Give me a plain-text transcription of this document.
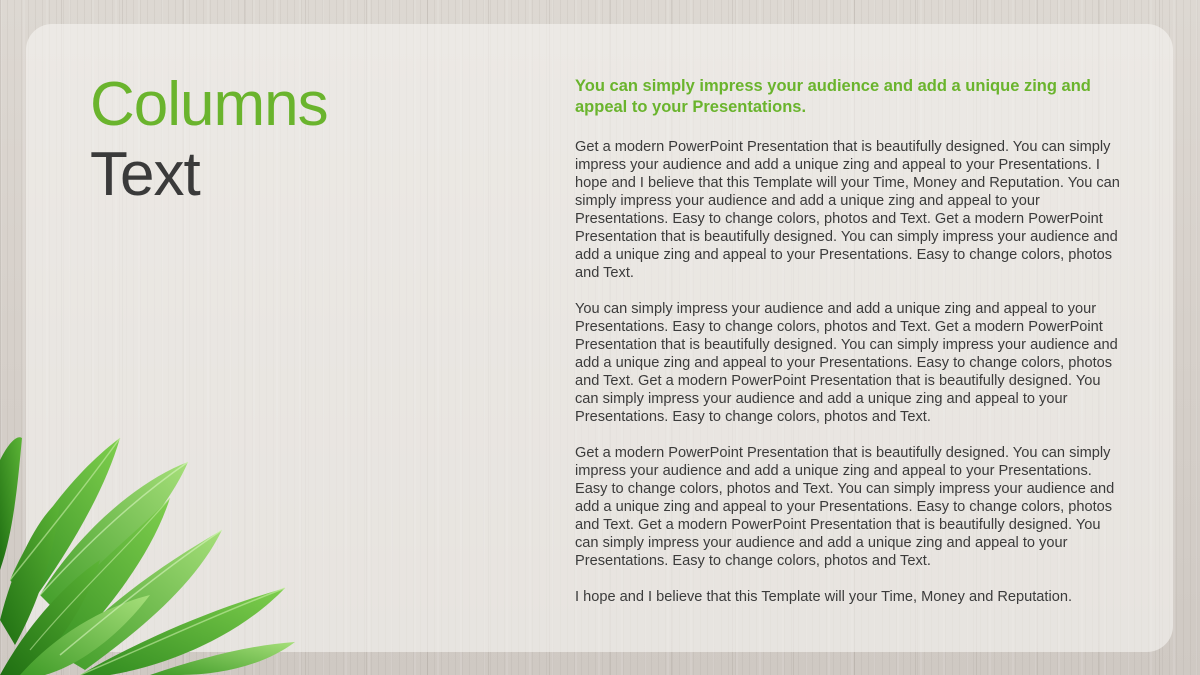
Columns
Text

You can simply impress your audience and add a unique zing and appeal to your Presentations.

Get a modern PowerPoint Presentation that is beautifully designed. You can simply impress your audience and add a unique zing and appeal to your Presentations. I hope and I believe that this Template will your Time, Money and Reputation. You can simply impress your audience and add a unique zing and appeal to your Presentations. Easy to change colors, photos and Text. Get a modern PowerPoint Presentation that is beautifully designed. You can simply impress your audience and add a unique zing and appeal to your Presentations. Easy to change colors, photos and Text.

You can simply impress your audience and add a unique zing and appeal to your Presentations. Easy to change colors, photos and Text. Get a modern PowerPoint Presentation that is beautifully designed. You can simply impress your audience and add a unique zing and appeal to your Presentations. Easy to change colors, photos and Text. Get a modern PowerPoint Presentation that is beautifully designed. You can simply impress your audience and add a unique zing and appeal to your Presentations. Easy to change colors, photos and Text.

Get a modern PowerPoint Presentation that is beautifully designed. You can simply impress your audience and add a unique zing and appeal to your Presentations. Easy to change colors, photos and Text. You can simply impress your audience and add a unique zing and appeal to your Presentations. Easy to change colors, photos and Text. Get a modern PowerPoint Presentation that is beautifully designed. You can simply impress your audience and add a unique zing and appeal to your Presentations. Easy to change colors, photos and Text.

I hope and I believe that this Template will your Time, Money and Reputation.
